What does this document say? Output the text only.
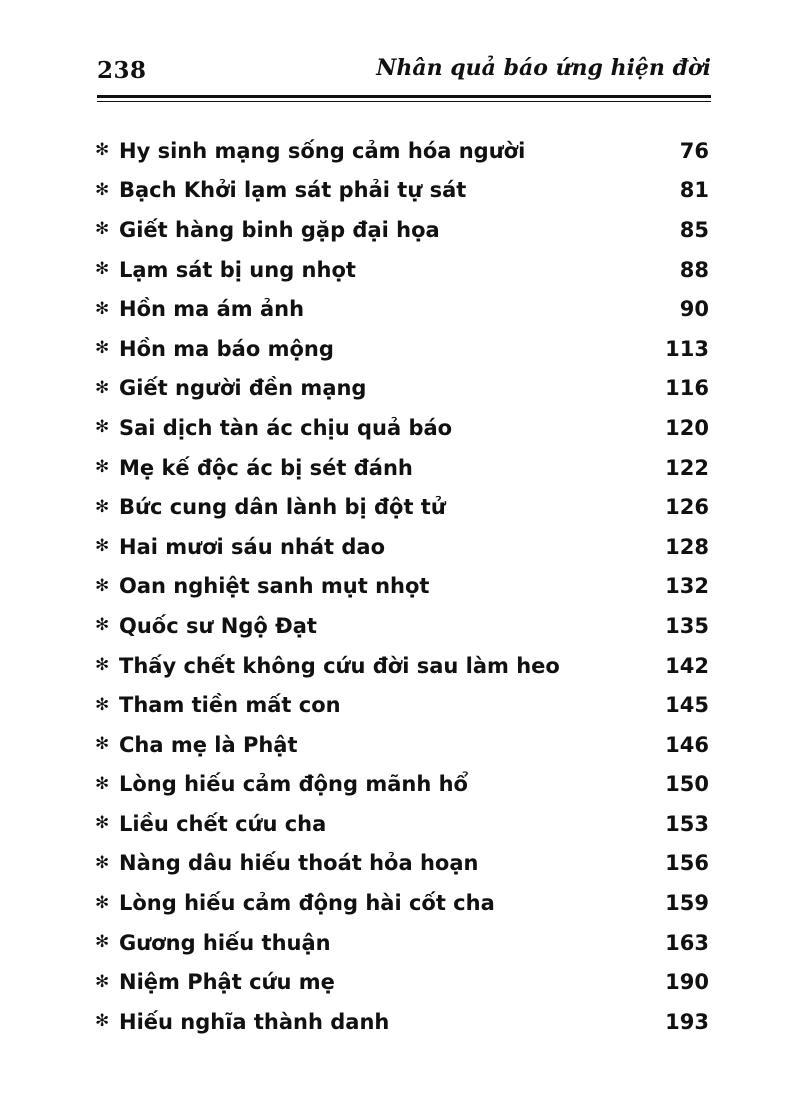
238	Nhân quả báo ứng hiện đời
✻ Hy sinh mạng sống cảm hóa người	76
✻ Bạch Khởi lạm sát phải tự sát	81
✻ Giết hàng binh gặp đại họa	85
✻ Lạm sát bị ung nhọt	88
✻ Hồn ma ám ảnh	90
✻ Hồn ma báo mộng	113
✻ Giết người đền mạng	116
✻ Sai dịch tàn ác chịu quả báo	120
✻ Mẹ kế độc ác bị sét đánh	122
✻ Bức cung dân lành bị đột tử	126
✻ Hai mươi sáu nhát dao	128
✻ Oan nghiệt sanh mụt nhọt	132
✻ Quốc sư Ngộ Đạt	135
✻ Thấy chết không cứu đời sau làm heo	142
✻ Tham tiền mất con	145
✻ Cha mẹ là Phật	146
✻ Lòng hiếu cảm động mãnh hổ	150
✻ Liều chết cứu cha	153
✻ Nàng dâu hiếu thoát hỏa hoạn	156
✻ Lòng hiếu cảm động hài cốt cha	159
✻ Gương hiếu thuận	163
✻ Niệm Phật cứu mẹ	190
✻ Hiếu nghĩa thành danh	193
